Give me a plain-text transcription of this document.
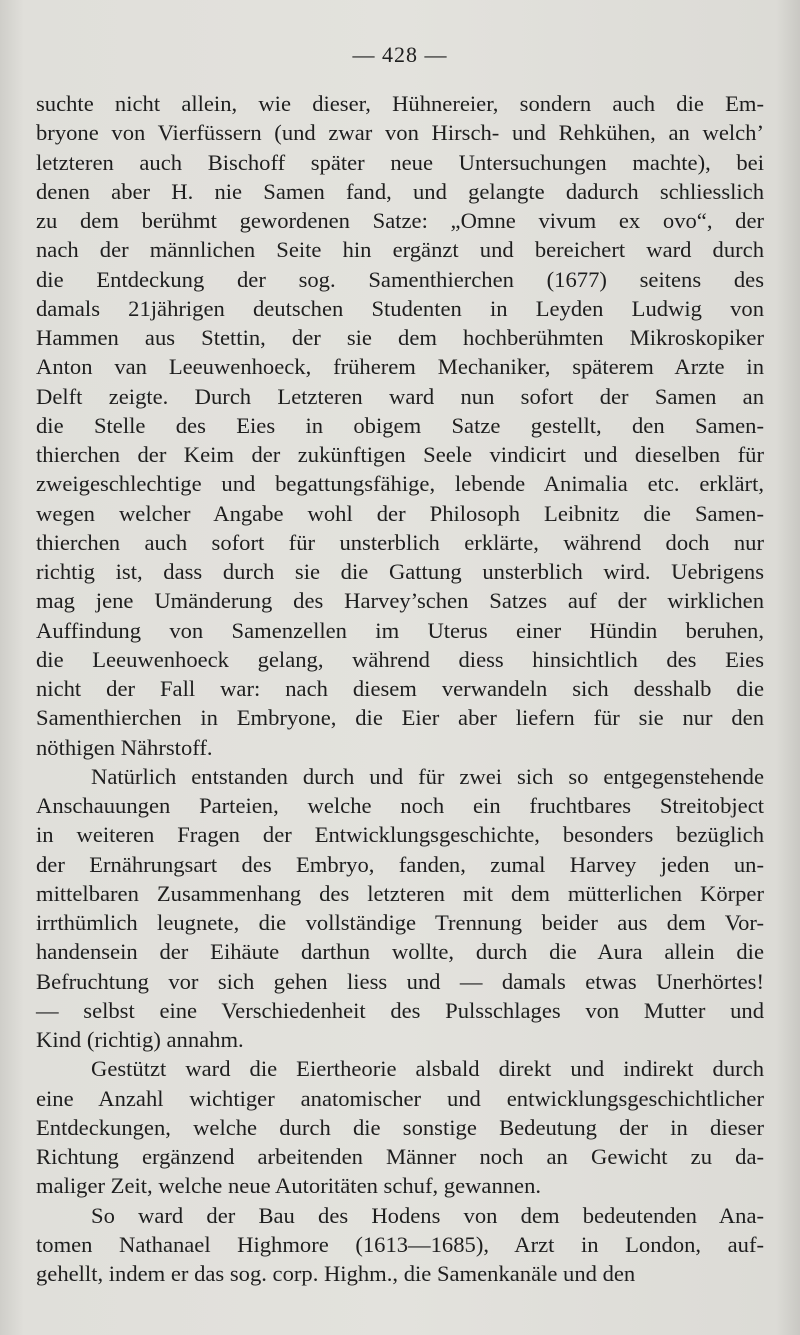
— 428 —
suchte nicht allein, wie dieser, Hühnereier, sondern auch die Em-
bryone von Vierfüssern (und zwar von Hirsch- und Rehkühen, an welch’
letzteren auch Bischoff später neue Untersuchungen machte), bei
denen aber H. nie Samen fand, und gelangte dadurch schliesslich
zu dem berühmt gewordenen Satze: „Omne vivum ex ovo“, der
nach der männlichen Seite hin ergänzt und bereichert ward durch
die Entdeckung der sog. Samenthierchen (1677) seitens des
damals 21jährigen deutschen Studenten in Leyden Ludwig von
Hammen aus Stettin, der sie dem hochberühmten Mikroskopiker
Anton van Leeuwenhoeck, früherem Mechaniker, späterem Arzte in
Delft zeigte. Durch Letzteren ward nun sofort der Samen an
die Stelle des Eies in obigem Satze gestellt, den Samen-
thierchen der Keim der zukünftigen Seele vindicirt und dieselben für
zweigeschlechtige und begattungsfähige, lebende Animalia etc. erklärt,
wegen welcher Angabe wohl der Philosoph Leibnitz die Samen-
thierchen auch sofort für unsterblich erklärte, während doch nur
richtig ist, dass durch sie die Gattung unsterblich wird. Uebrigens
mag jene Umänderung des Harvey’schen Satzes auf der wirklichen
Auffindung von Samenzellen im Uterus einer Hündin beruhen,
die Leeuwenhoeck gelang, während diess hinsichtlich des Eies
nicht der Fall war: nach diesem verwandeln sich desshalb die
Samenthierchen in Embryone, die Eier aber liefern für sie nur den
nöthigen Nährstoff.
Natürlich entstanden durch und für zwei sich so entgegenstehende
Anschauungen Parteien, welche noch ein fruchtbares Streitobject
in weiteren Fragen der Entwicklungsgeschichte, besonders bezüglich
der Ernährungsart des Embryo, fanden, zumal Harvey jeden un-
mittelbaren Zusammenhang des letzteren mit dem mütterlichen Körper
irrthümlich leugnete, die vollständige Trennung beider aus dem Vor-
handensein der Eihäute darthun wollte, durch die Aura allein die
Befruchtung vor sich gehen liess und — damals etwas Unerhörtes!
— selbst eine Verschiedenheit des Pulsschlages von Mutter und
Kind (richtig) annahm.
Gestützt ward die Eiertheorie alsbald direkt und indirekt durch
eine Anzahl wichtiger anatomischer und entwicklungsgeschichtlicher
Entdeckungen, welche durch die sonstige Bedeutung der in dieser
Richtung ergänzend arbeitenden Männer noch an Gewicht zu da-
maliger Zeit, welche neue Autoritäten schuf, gewannen.
So ward der Bau des Hodens von dem bedeutenden Ana-
tomen Nathanael Highmore (1613—1685), Arzt in London, auf-
gehellt, indem er das sog. corp. Highm., die Samenkanäle und den
